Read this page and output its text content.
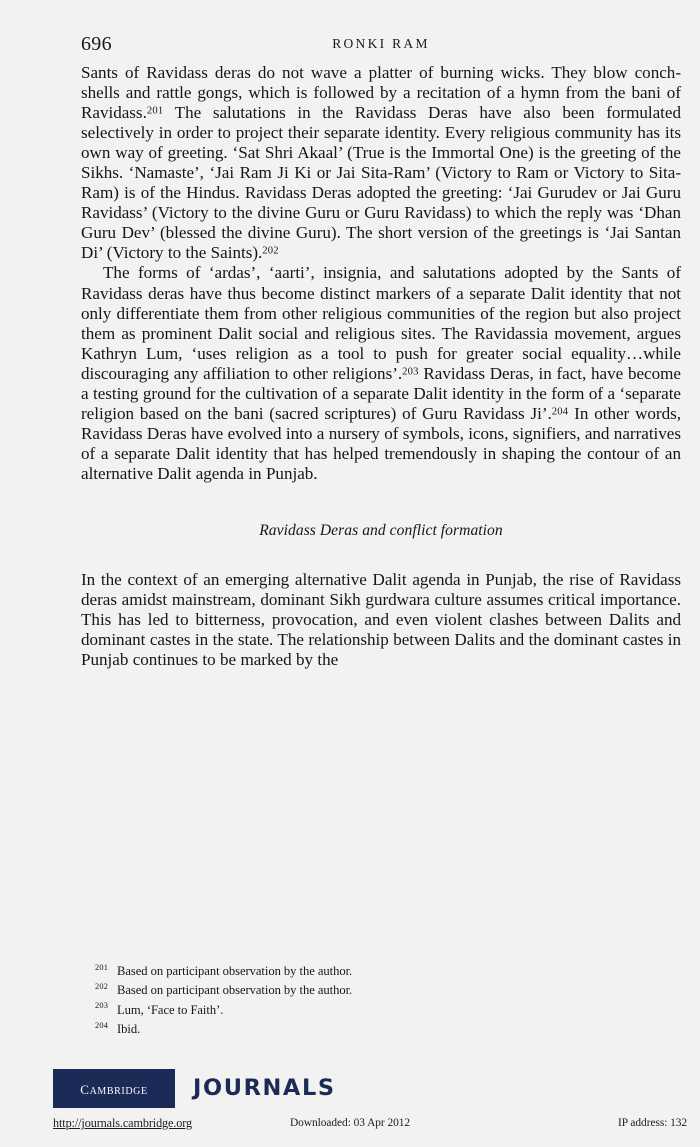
696	RONKI RAM

Sants of Ravidass deras do not wave a platter of burning wicks. They blow conch-shells and rattle gongs, which is followed by a recitation of a hymn from the bani of Ravidass.$^{201}$ The salutations in the Ravidass Deras have also been formulated selectively in order to project their separate identity. Every religious community has its own way of greeting. ‘Sat Shri Akaal’ (True is the Immortal One) is the greeting of the Sikhs. ‘Namaste’, ‘Jai Ram Ji Ki or Jai Sita-Ram’ (Victory to Ram or Victory to Sita-Ram) is of the Hindus. Ravidass Deras adopted the greeting: ‘Jai Gurudev or Jai Guru Ravidass’ (Victory to the divine Guru or Guru Ravidass) to which the reply was ‘Dhan Guru Dev’ (blessed the divine Guru). The short version of the greetings is ‘Jai Santan Di’ (Victory to the Saints).$^{202}$

The forms of ‘ardas’, ‘aarti’, insignia, and salutations adopted by the Sants of Ravidass deras have thus become distinct markers of a separate Dalit identity that not only differentiate them from other religious communities of the region but also project them as prominent Dalit social and religious sites. The Ravidassia movement, argues Kathryn Lum, ‘uses religion as a tool to push for greater social equality…while discouraging any affiliation to other religions’.$^{203}$ Ravidass Deras, in fact, have become a testing ground for the cultivation of a separate Dalit identity in the form of a ‘separate religion based on the bani (sacred scriptures) of Guru Ravidass Ji’.$^{204}$ In other words, Ravidass Deras have evolved into a nursery of symbols, icons, signifiers, and narratives of a separate Dalit identity that has helped tremendously in shaping the contour of an alternative Dalit agenda in Punjab.

Ravidass Deras and conflict formation

In the context of an emerging alternative Dalit agenda in Punjab, the rise of Ravidass deras amidst mainstream, dominant Sikh gurdwara culture assumes critical importance. This has led to bitterness, provocation, and even violent clashes between Dalits and dominant castes in the state. The relationship between Dalits and the dominant castes in Punjab continues to be marked by the

201 Based on participant observation by the author.
202 Based on participant observation by the author.
203 Lum, ‘Face to Faith’.
204 Ibid.
cambridge JOURNALS
http://journals.cambridge.org	Downloaded: 03 Apr 2012	IP address: 132
